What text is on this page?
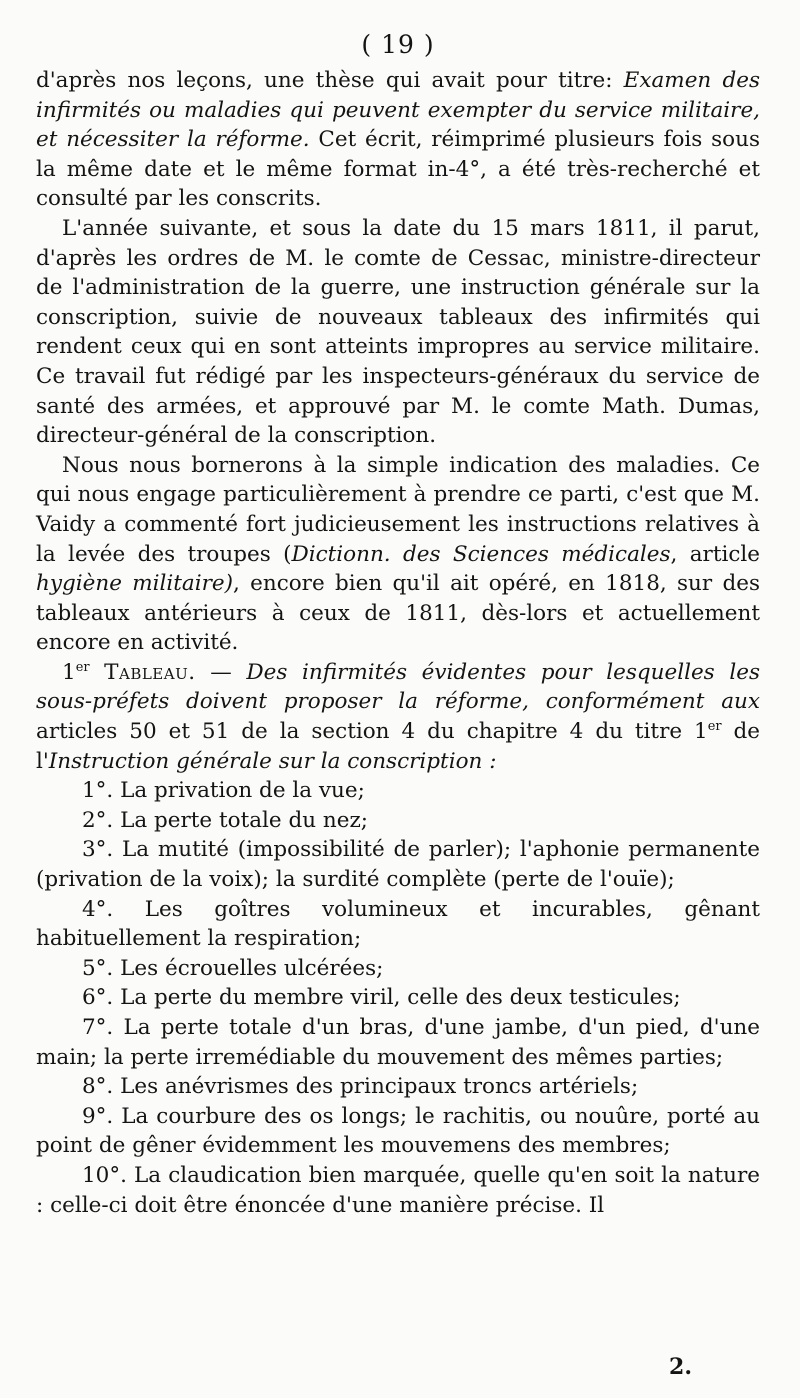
( 19 )

d'après nos leçons, une thèse qui avait pour titre: Examen des infirmités ou maladies qui peuvent exempter du service militaire, et nécessiter la réforme. Cet écrit, réimprimé plusieurs fois sous la même date et le même format in-4°, a été très-recherché et consulté par les conscrits.

L'année suivante, et sous la date du 15 mars 1811, il parut, d'après les ordres de M. le comte de Cessac, ministre-directeur de l'administration de la guerre, une instruction générale sur la conscription, suivie de nouveaux tableaux des infirmités qui rendent ceux qui en sont atteints impropres au service militaire. Ce travail fut rédigé par les inspecteurs-généraux du service de santé des armées, et approuvé par M. le comte Math. Dumas, directeur-général de la conscription.

Nous nous bornerons à la simple indication des maladies. Ce qui nous engage particulièrement à prendre ce parti, c'est que M. Vaidy a commenté fort judicieusement les instructions relatives à la levée des troupes (Dictionn. des Sciences médicales, article hygiène militaire), encore bien qu'il ait opéré, en 1818, sur des tableaux antérieurs à ceux de 1811, dès-lors et actuellement encore en activité.

1er Tableau. — Des infirmités évidentes pour lesquelles les sous-préfets doivent proposer la réforme, conformément aux articles 50 et 51 de la section 4 du chapitre 4 du titre 1er de l'Instruction générale sur la conscription :

1°. La privation de la vue;

2°. La perte totale du nez;

3°. La mutité (impossibilité de parler); l'aphonie permanente (privation de la voix); la surdité complète (perte de l'ouïe);

4°. Les goîtres volumineux et incurables, gênant habituellement la respiration;

5°. Les écrouelles ulcérées;

6°. La perte du membre viril, celle des deux testicules;

7°. La perte totale d'un bras, d'une jambe, d'un pied, d'une main; la perte irremédiable du mouvement des mêmes parties;

8°. Les anévrismes des principaux troncs artériels;

9°. La courbure des os longs; le rachitis, ou nouûre, porté au point de gêner évidemment les mouvemens des membres;

10°. La claudication bien marquée, quelle qu'en soit la nature : celle-ci doit être énoncée d'une manière précise. Il

2.
